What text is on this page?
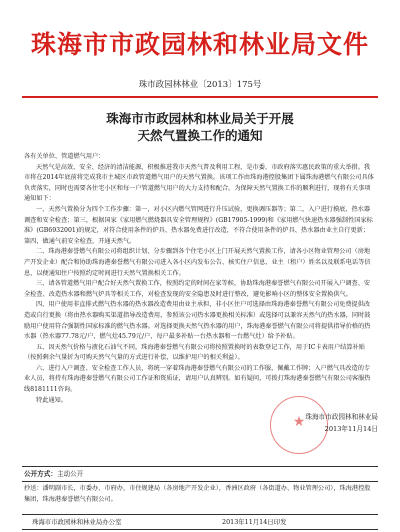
珠海市市政园林和林业局文件
珠市政园林林业〔2013〕175号
珠海市市政园林和林业局关于开展
天然气置换工作的通知

各有关单位、管道燃气用户：

天然气是高效、安全、经济的清洁能源，积极推进我市天然气普及利用工程，是市委、市政府落实惠民政策的重大举措。我市将在2014年底前将完成我市主城区市政管道燃气用户的天然气置换。该项工作由珠海港控股集团下属珠海港燃气有限公司具体负责落实，同时也需要各住宅小区和每一户管道燃气用户的大力支持和配合。为保障天然气置换工作的顺利进行，现将有关事项通知如下：

一、天然气置换分为四个工作步骤：第一，对小区内燃气管网进行升压试验，更换调压器等；第二，入户进行摸底、热水器调查和安全检查；第三，根据国家《家用燃气燃烧器具安全管理规程》(GB17905-1999)和《家用燃气快速热水器强制性国家标准》(GB6932001)的规定，对符合使用条件的炉具、热水器免费进行改造，不符合使用条件的炉具、热水器由业主自行更新；第四，做通气前安全检查，开通天然气。

二、珠海港秦誉燃气有限公司将组织计划、分步骤到各个住宅小区上门开展天然气置换工作，请各小区物业管理公司（房地产开发企业）配合和协助珠海港秦誉燃气有限公司进入各小区内发布公告、核实住户信息、业主（租户）姓名以及联系电话等信息，以便通知住户按照约定时间进行天然气置换相关工作。

三、请各管道燃气用户配合好天然气置换工作，按照约定的时间在家等候，协助珠海港秦誉燃气有限公司开展入户调查、安全检查、改造热水器和燃气炉具等相关工作，对检查发现的安全隐患及时进行整改，避免影响小区的整体安全置换供气。

四、用户使用非直排式燃气热水器的热水器改造费用由业主承担，非小区住户可选择由珠海港秦誉燃气有限公司免费提供改造或自行更换（将由热水器购买渠道指导改造费用，参照该公司热水器更换相关标准）或选择可以兼容天然气的热水器，同时鼓励用户使用符合强制性国家标准的燃气热水器。对选择更换天然气热水器的用户，珠海港秦誉燃气有限公司将提供指导价格的热水器（热水器77.78元/户，燃气灶45.79元/户，每户最多补贴一台热水器和一台燃气灶）给予补贴。

五、因天然气价格与液化石油气不同，珠海港秦誉燃气有限公司将按照置换时的表数登记工作，用于IC卡表用户结算补贴（按照剩余气量折为可购天然气气量的方式进行补偿，以维护用户的相关利益）。

六、进行入户调查、安全检查工作人员，将统一穿着珠海港秦誉燃气有限公司的工作服，佩戴工作牌；入户燃气具改造的专业人员，将持有珠海港秦誉燃气有限公司工作证和资质证，请用户认真辨别。如有疑问，可拨打珠海港秦誉燃气有限公司客服热线8181111咨询。

特此通知。

★ 珠海市市政园林和林业局
2013年11月14日
公开方式：主动公开
抄送：潘明副市长，市委办、市府办，市住规建局（各房地产开发企业），香洲区政府（各街道办、物业管理公司），珠海港控股集团，珠海港秦誉燃气有限公司。
珠海市市政园林和林业局办公室	2013年11月14日印发
